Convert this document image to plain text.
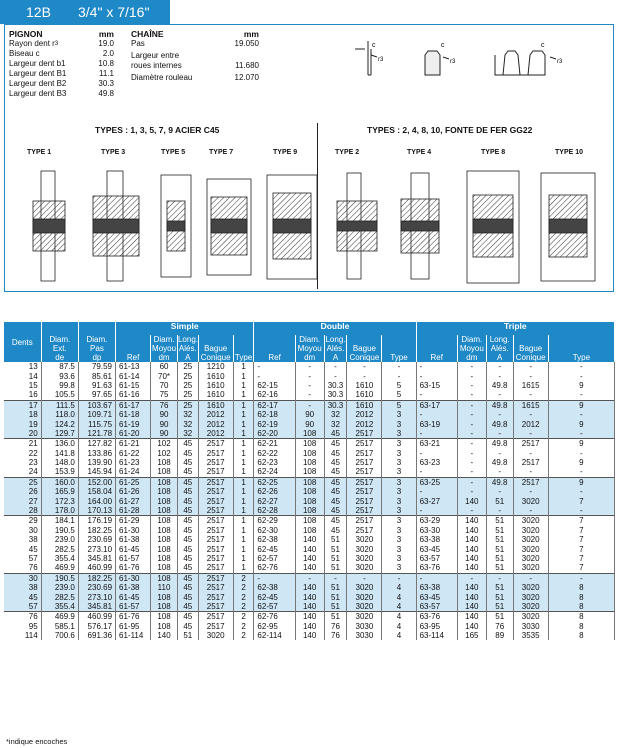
12B 3/4" x 7/16"
PIGNON	mm
Rayon dent r 3	19.0
Biseau c	2.0
Largeur dent b1	10.8
Largeur dent B1	11.1
Largeur dent B2	30.3
Largeur dent B3	49.8
CHAÎNE	mm
Pas	19.050
Largeur entre
roues internes	11.680
Diamètre rouleau	12.070
c
r3
c
r3
c
r3
TYPES : 1, 3, 5, 7, 9 ACIER C45	TYPES : 2, 4, 8, 10, FONTE DE FER GG22
TYPE 1	TYPE 3	TYPE 5	TYPE 7	TYPE 9	TYPE 2	TYPE 4	TYPE 8	TYPE 10
Dents	Diam.
Ext.
de	Diam.
Pas
dp	Simple					Double					Triple				
			Ref	Diam.
Moyou
dm	Long.
Alés.
A	Bague
Conique	Type	Ref	Diam.
Moyou
dm	Long.
Alés.
A	Bague
Conique	Type	Ref	Diam.
Moyou
dm	Long.
Alés.
A	Bague
Conique	Type
13	87.5	79.59	61-13	60	25	1210	1	-	-	-	-	-	-	-	-	-	-
14	93.6	85.61	61-14	70*	25	1610	1	-	-	-	-	-	-	-	-	-	-
15	99.8	91.63	61-15	70	25	1610	1	62-15	-	30.3	1610	5	63-15	-	49.8	1615	9
16	105.5	97.65	61-16	75	25	1610	1	62-16	-	30.3	1610	5	-	-	-	-	-
17	111.5	103.67	61-17	76	25	1610	1	62-17	-	30.3	1610	5	63-17	-	49.8	1615	9
18	118.0	109.71	61-18	90	32	2012	1	62-18	90	32	2012	3	-	-	-	-	-
19	124.2	115.75	61-19	90	32	2012	1	62-19	90	32	2012	3	63-19	-	49.8	2012	9
20	129.7	121.78	61-20	90	32	2012	1	62-20	108	45	2517	3	-	-	-	-	-
21	136.0	127.82	61-21	102	45	2517	1	62-21	108	45	2517	3	63-21	-	49.8	2517	9
22	141.8	133.86	61-22	102	45	2517	1	62-22	108	45	2517	3	-	-	-	-	-
23	148.0	139.90	61-23	108	45	2517	1	62-23	108	45	2517	3	63-23	-	49.8	2517	9
24	153.9	145.94	61-24	108	45	2517	1	62-24	108	45	2517	3	-	-	-	-	-
25	160.0	152.00	61-25	108	45	2517	1	62-25	108	45	2517	3	63-25	-	49.8	2517	9
26	165.9	158.04	61-26	108	45	2517	1	62-26	108	45	2517	3	-	-	-	-	-
27	172.3	164.00	61-27	108	45	2517	1	62-27	108	45	2517	3	63-27	140	51	3020	7
28	178.0	170.13	61-28	108	45	2517	1	62-28	108	45	2517	3	-	-	-	-	-
29	184.1	176.19	61-29	108	45	2517	1	62-29	108	45	2517	3	63-29	140	51	3020	7
30	190.5	182.25	61-30	108	45	2517	1	62-30	108	45	2517	3	63-30	140	51	3020	7
38	239.0	230.69	61-38	108	45	2517	1	62-38	140	51	3020	3	63-38	140	51	3020	7
45	282.5	273.10	61-45	108	45	2517	1	62-45	140	51	3020	3	63-45	140	51	3020	7
57	355.4	345.81	61-57	108	45	2517	1	62-57	140	51	3020	3	63-57	140	51	3020	7
76	469.9	460.99	61-76	108	45	2517	1	62-76	140	51	3020	3	63-76	140	51	3020	7
30	190.5	182.25	61-30	108	45	2517	2	-	-	-	-	-	-	-	-	-	-
38	239.0	230.69	61-38	110	45	2517	2	62-38	140	51	3020	4	63-38	140	51	3020	8
45	282.5	273.10	61-45	108	45	2517	2	62-45	140	51	3020	4	63-45	140	51	3020	8
57	355.4	345.81	61-57	108	45	2517	2	62-57	140	51	3020	4	63-57	140	51	3020	8
76	469.9	460.99	61-76	108	45	2517	2	62-76	140	51	3020	4	63-76	140	51	3020	8
95	585.1	576.17	61-95	108	45	2517	2	62-95	140	76	3030	4	63-95	140	76	3030	8
114	700.6	691.36	61-114	140	51	3020	2	62-114	140	76	3030	4	63-114	165	89	3535	8
*indique encoches
